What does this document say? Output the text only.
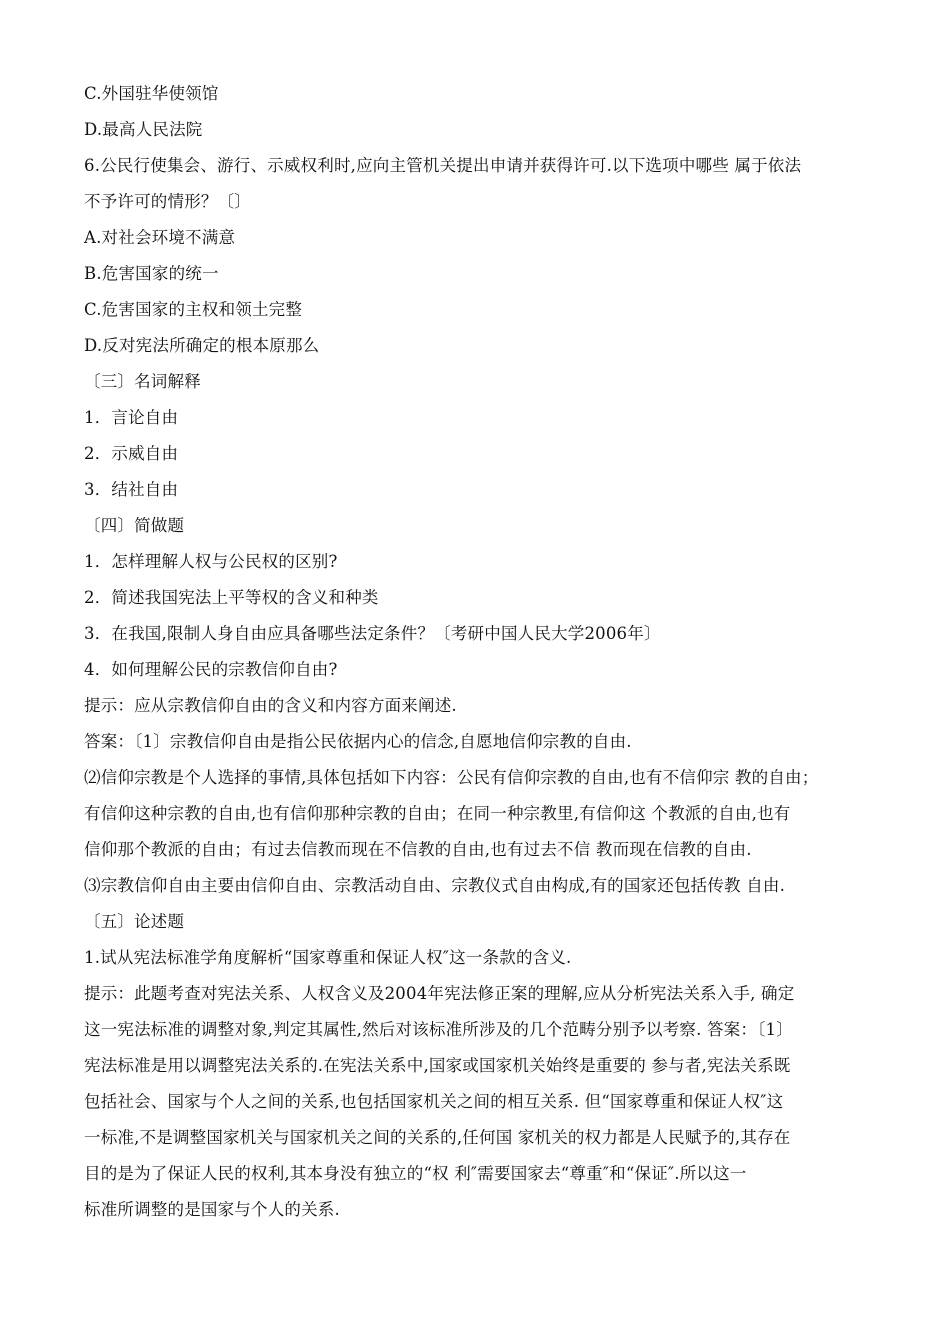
C.外国驻华使领馆
D.最高人民法院
6.公民行使集会、游行、示威权利时,应向主管机关提出申请并获得许可.以下选项中哪些 属于依法
不予许可的情形？〔〕
A.对社会环境不满意
B.危害国家的统一
C.危害国家的主权和领土完整
D.反对宪法所确定的根本原那么
〔三〕名词解释
1．言论自由
2．示威自由
3．结社自由
〔四〕简做题
1．怎样理解人权与公民权的区别?
2．简述我国宪法上平等权的含义和种类
3．在我国,限制人身自由应具备哪些法定条件？〔考研中国人民大学2006年〕
4．如何理解公民的宗教信仰自由?
提示：应从宗教信仰自由的含义和内容方面来阐述.
答案：〔1〕宗教信仰自由是指公民依据内心的信念,自愿地信仰宗教的自由.
⑵信仰宗教是个人选择的事情,具体包括如下内容：公民有信仰宗教的自由,也有不信仰宗 教的自由；
有信仰这种宗教的自由,也有信仰那种宗教的自由；在同一种宗教里,有信仰这 个教派的自由,也有
信仰那个教派的自由；有过去信教而现在不信教的自由,也有过去不信 教而现在信教的自由.
⑶宗教信仰自由主要由信仰自由、宗教活动自由、宗教仪式自由构成,有的国家还包括传教 自由.
〔五〕论述题
1.试从宪法标准学角度解析“国家尊重和保证人权″这一条款的含义.
提示：此题考查对宪法关系、人权含义及2004年宪法修正案的理解,应从分析宪法关系入手, 确定
这一宪法标准的调整对象,判定其属性,然后对该标准所涉及的几个范畴分别予以考察. 答案：〔1〕
宪法标准是用以调整宪法关系的.在宪法关系中,国家或国家机关始终是重要的 参与者,宪法关系既
包括社会、国家与个人之间的关系,也包括国家机关之间的相互关系. 但“国家尊重和保证人权″这
一标准,不是调整国家机关与国家机关之间的关系的,任何国 家机关的权力都是人民赋予的,其存在
目的是为了保证人民的权利,其本身没有独立的“权 利″需要国家去“尊重″和“保证″.所以这一
标准所调整的是国家与个人的关系.
